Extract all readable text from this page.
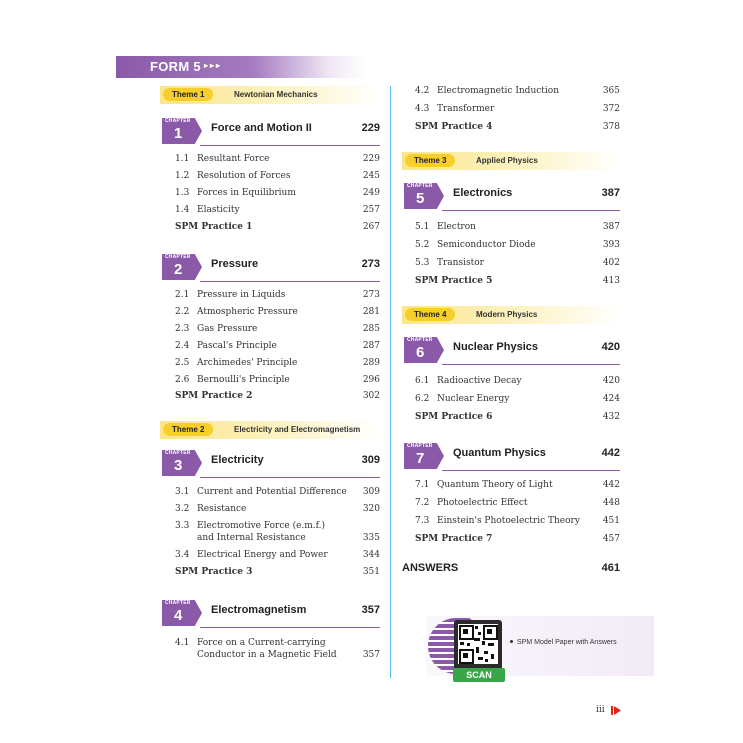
FORM 5 ▸▸▸
Theme 1	Newtonian Mechanics
CHAPTER
1	Force and Motion II	229
1.1 Resultant Force	229
1.2 Resolution of Forces	245
1.3 Forces in Equilibrium	249
1.4 Elasticity	257
SPM Practice 1	267
CHAPTER
2	Pressure	273
2.1 Pressure in Liquids	273
2.2 Atmospheric Pressure	281
2.3 Gas Pressure	285
2.4 Pascal's Principle	287
2.5 Archimedes' Principle	289
2.6 Bernoulli's Principle	296
SPM Practice 2	302
Theme 2	Electricity and Electromagnetism
CHAPTER
3	Electricity	309
3.1 Current and Potential Difference	309
3.2 Resistance	320
3.3 Electromotive Force (e.m.f.) and Internal Resistance	335
3.4 Electrical Energy and Power	344
SPM Practice 3	351
CHAPTER
4	Electromagnetism	357
4.1 Force on a Current-carrying Conductor in a Magnetic Field	357
4.2 Electromagnetic Induction	365
4.3 Transformer	372
SPM Practice 4	378
Theme 3	Applied Physics
CHAPTER
5	Electronics	387
5.1 Electron	387
5.2 Semiconductor Diode	393
5.3 Transistor	402
SPM Practice 5	413
Theme 4	Modern Physics
CHAPTER
6	Nuclear Physics	420
6.1 Radioactive Decay	420
6.2 Nuclear Energy	424
SPM Practice 6	432
CHAPTER
7	Quantum Physics	442
7.1 Quantum Theory of Light	442
7.2 Photoelectric Effect	448
7.3 Einstein's Photoelectric Theory	451
SPM Practice 7	457
ANSWERS	461
SCAN
SPM Model Paper with Answers
iii
